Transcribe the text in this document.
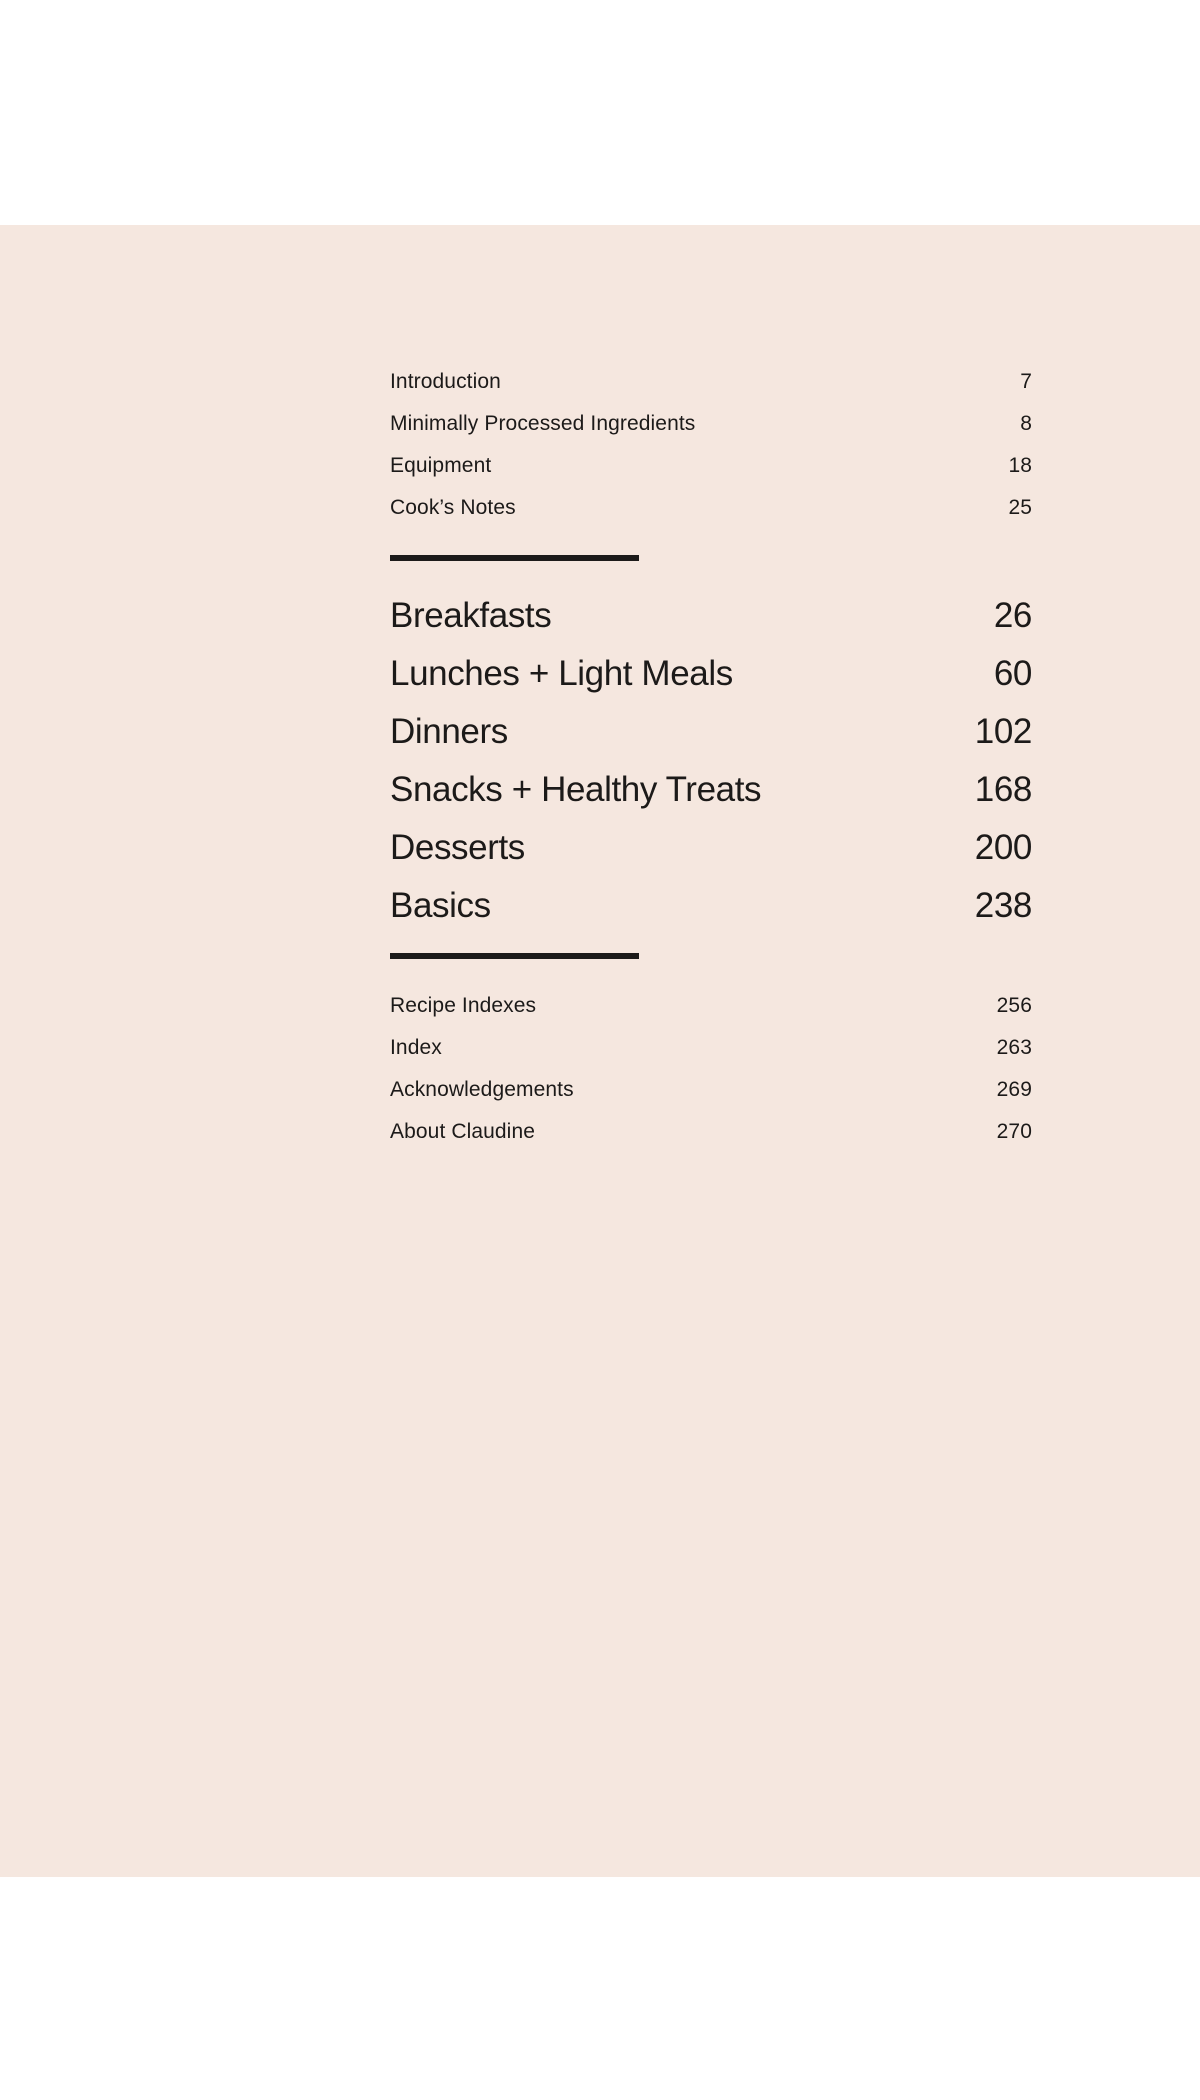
Introduction	7
Minimally Processed Ingredients	8
Equipment	18
Cook’s Notes	25
Breakfasts	26
Lunches + Light Meals	60
Dinners	102
Snacks + Healthy Treats	168
Desserts	200
Basics	238
Recipe Indexes	256
Index	263
Acknowledgements	269
About Claudine	270
